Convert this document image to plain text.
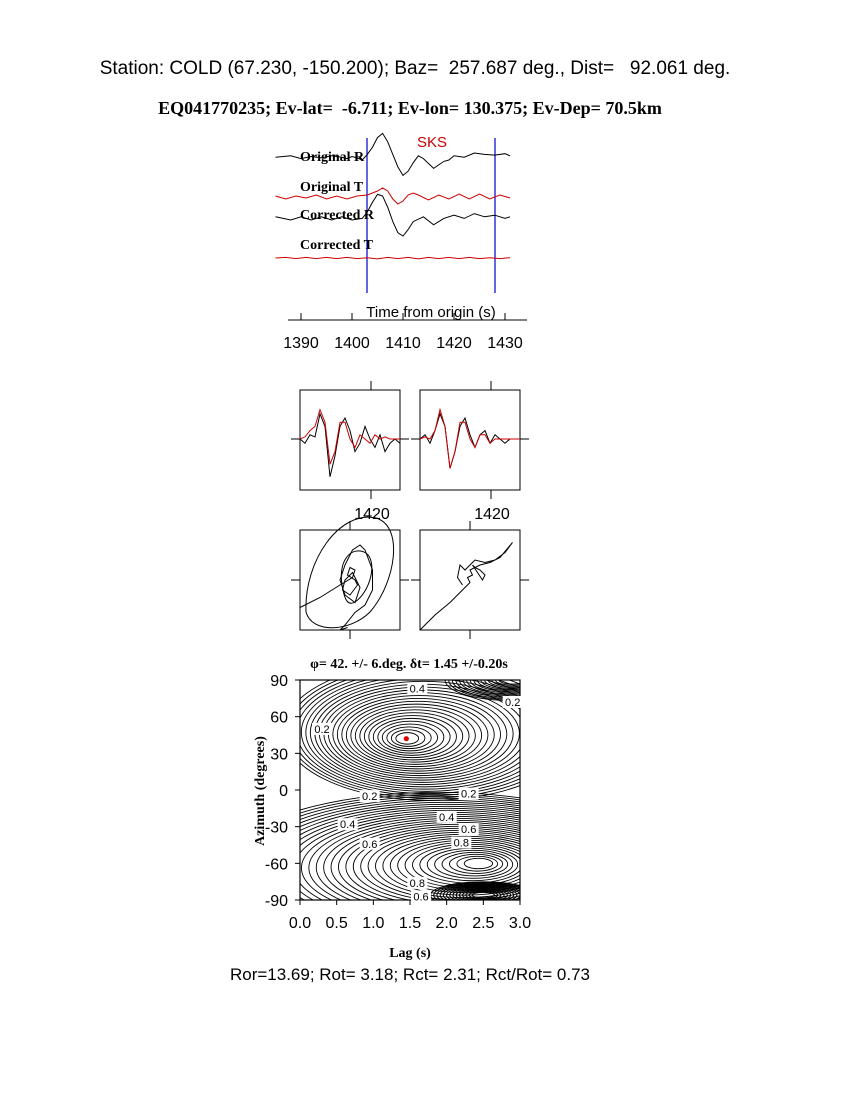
Station: COLD (67.230, -150.200); Baz=  257.687 deg., Dist=   92.061 deg.
EQ041770235; Ev-lat=  -6.711; Ev-lon= 130.375; Ev-Dep= 70.5km
SKS
Original R
Original T
Corrected R
Corrected T
Time from origin (s)
1390 1400 1410 1420 1430
1420	1420
φ= 42. +/- 6.deg. δt= 1.45 +/-0.20s
0.4
0.2
0.2
0.2	0.2
0.4
0.4
0.6
0.8
0.6
0.8
0.6
0.0 0.5 1.0 1.5 2.0 2.5 3.0
90
60
30
0
-30
-60
-90
Lag (s)
Azimuth (degrees)
Ror=13.69; Rot= 3.18; Rct= 2.31; Rct/Rot= 0.73
